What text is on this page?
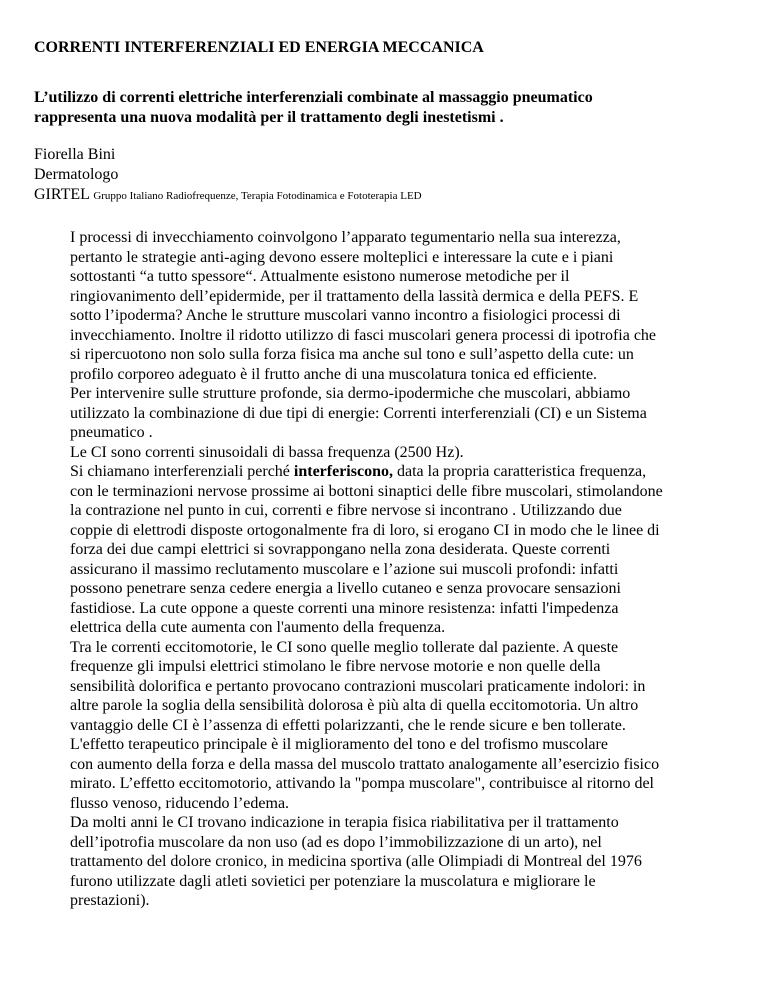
CORRENTI INTERFERENZIALI ED ENERGIA MECCANICA

L’utilizzo di correnti elettriche interferenziali combinate al massaggio pneumatico
rappresenta una nuova modalità per il trattamento degli inestetismi .

Fiorella Bini
Dermatologo
GIRTEL Gruppo Italiano Radiofrequenze, Terapia Fotodinamica e Fototerapia LED
I processi di invecchiamento coinvolgono l’apparato tegumentario nella sua interezza,
pertanto le strategie anti-aging devono essere molteplici e interessare la cute e i piani
sottostanti “a tutto spessore“. Attualmente esistono numerose metodiche per il
ringiovanimento dell’epidermide, per il trattamento della lassità dermica e della PEFS. E
sotto l’ipoderma? Anche le strutture muscolari vanno incontro a fisiologici processi di
invecchiamento. Inoltre il ridotto utilizzo di fasci muscolari genera processi di ipotrofia che
si ripercuotono non solo sulla forza fisica ma anche sul tono e sull’aspetto della cute: un
profilo corporeo adeguato è il frutto anche di una muscolatura tonica ed efficiente.
Per intervenire sulle strutture profonde, sia dermo-ipodermiche che muscolari, abbiamo
utilizzato la combinazione di due tipi di energie: Correnti interferenziali (CI) e un Sistema
pneumatico .
Le CI sono correnti sinusoidali di bassa frequenza (2500 Hz).
Si chiamano interferenziali perché interferiscono, data la propria caratteristica frequenza,
con le terminazioni nervose prossime ai bottoni sinaptici delle fibre muscolari, stimolandone
la contrazione nel punto in cui, correnti e fibre nervose si incontrano . Utilizzando due
coppie di elettrodi disposte ortogonalmente fra di loro, si erogano CI in modo che le linee di
forza dei due campi elettrici si sovrappongano nella zona desiderata. Queste correnti
assicurano il massimo reclutamento muscolare e l’azione sui muscoli profondi: infatti
possono penetrare senza cedere energia a livello cutaneo e senza provocare sensazioni
fastidiose. La cute oppone a queste correnti una minore resistenza: infatti l'impedenza
elettrica della cute aumenta con l'aumento della frequenza.
Tra le correnti eccitomotorie, le CI sono quelle meglio tollerate dal paziente. A queste
frequenze gli impulsi elettrici stimolano le fibre nervose motorie e non quelle della
sensibilità dolorifica e pertanto provocano contrazioni muscolari praticamente indolori: in
altre parole la soglia della sensibilità dolorosa è più alta di quella eccitomotoria. Un altro
vantaggio delle CI è l’assenza di effetti polarizzanti, che le rende sicure e ben tollerate.
L'effetto terapeutico principale è il miglioramento del tono e del trofismo muscolare
con aumento della forza e della massa del muscolo trattato analogamente all’esercizio fisico
mirato. L’effetto eccitomotorio, attivando la "pompa muscolare", contribuisce al ritorno del
flusso venoso, riducendo l’edema.
Da molti anni le CI trovano indicazione in terapia fisica riabilitativa per il trattamento
dell’ipotrofia muscolare da non uso (ad es dopo l’immobilizzazione di un arto), nel
trattamento del dolore cronico, in medicina sportiva (alle Olimpiadi di Montreal del 1976
furono utilizzate dagli atleti sovietici per potenziare la muscolatura e migliorare le
prestazioni).
